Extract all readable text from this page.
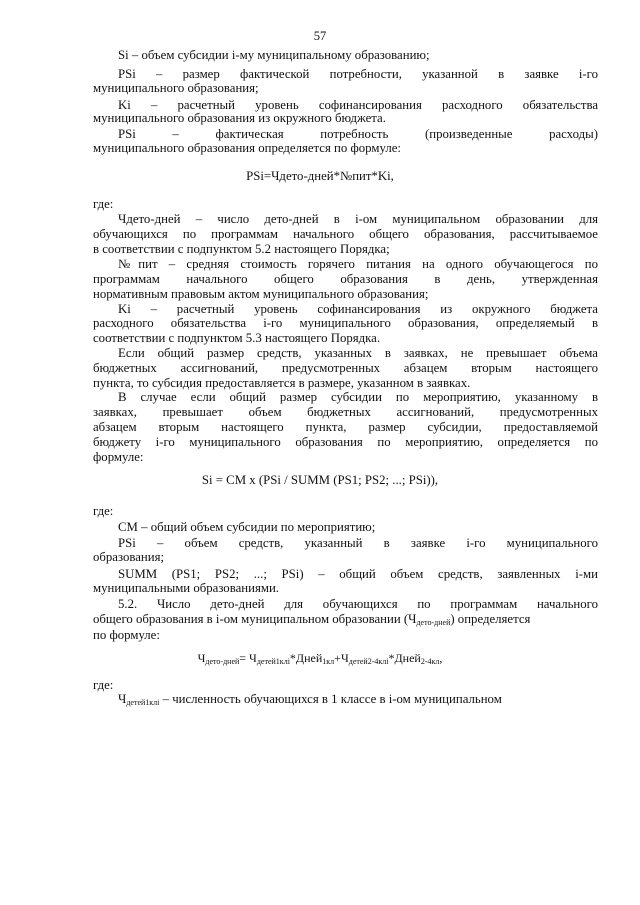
57
Si – объем субсидии i-му муниципальному образованию;
PSi – размер фактической потребности, указанной в заявке i-го
муниципального образования;
Ki – расчетный уровень софинансирования расходного обязательства
муниципального образования из окружного бюджета.
PSi – фактическая потребность (произведенные расходы)
муниципального образования определяется по формуле:
PSi=Чдето-дней*№пит*Ki,
где:
Чдето-дней – число дето-дней в i-ом муниципальном образовании для
обучающихся по программам начального общего образования, рассчитываемое
в соответствии с подпунктом 5.2 настоящего Порядка;
№пит – средняя стоимость горячего питания на одного обучающегося по
программам начального общего образования в день, утвержденная
нормативным правовым актом муниципального образования;
Ki – расчетный уровень софинансирования из окружного бюджета
расходного обязательства i-го муниципального образования, определяемый в
соответствии с подпунктом 5.3 настоящего Порядка.
Если общий размер средств, указанных в заявках, не превышает объема
бюджетных ассигнований, предусмотренных абзацем вторым настоящего
пункта, то субсидия предоставляется в размере, указанном в заявках.
В случае если общий размер субсидии по мероприятию, указанному в
заявках, превышает объем бюджетных ассигнований, предусмотренных
абзацем вторым настоящего пункта, размер субсидии, предоставляемой
бюджету i-го муниципального образования по мероприятию, определяется по
формуле:
Si = CM x (PSi / SUMM (PS1; PS2; ...; PSi)),
где:
CM – общий объем субсидии по мероприятию;
PSi – объем средств, указанный в заявке i-го муниципального
образования;
SUMM (PS1; PS2; ...; PSi) – общий объем средств, заявленных i-ми
муниципальными образованиями.
5.2. Число дето-дней для обучающихся по программам начального
общего образования в i-ом муниципальном образовании $(Ч_{дето-дней})$ определяется
по формуле:
$Ч_{дето-дней}=$ $Ч_{детей1клi}*Дней_{1кл}+Ч_{детей2-4клi}*Дней_{2-4кл}$,
где:
$Ч_{детей1клi}$ – численность обучающихся в 1 классе в i-ом муниципальном
